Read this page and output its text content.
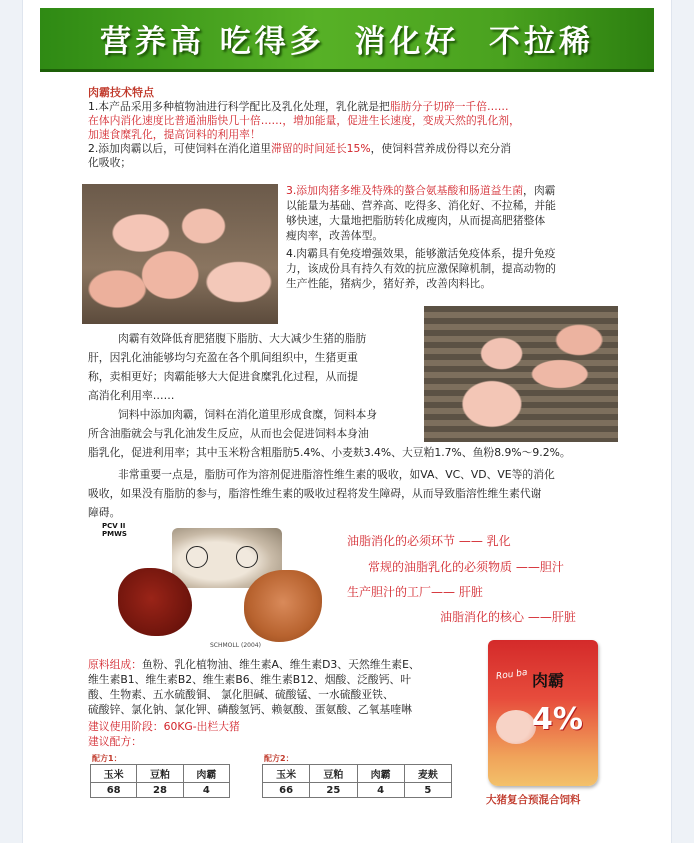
营养高 吃得多  消化好  不拉稀
肉霸技术特点
1.本产品采用多种植物油进行科学配比及乳化处理，乳化就是把脂肪分子切碎一千倍……
在体内消化速度比普通油脂快几十倍……，增加能量，促进生长速度，变成天然的乳化剂，
加速食糜乳化，提高饲料的利用率！
2.添加肉霸以后，可使饲料在消化道里滞留的时间延长15%，使饲料营养成份得以充分消
化吸收；
3.添加肉猪多维及特殊的螯合氨基酸和肠道益生菌，肉霸
以能量为基础、营养高、吃得多、消化好、不拉稀，并能
够快速，大量地把脂肪转化成瘦肉，从而提高肥猪整体
瘦肉率，改善体型。
4.肉霸具有免疫增强效果，能够激活免疫体系，提升免疫
力，该成份具有持久有效的抗应激保障机制，提高动物的
生产性能，猪病少，猪好养，改善肉料比。
肉霸有效降低育肥猪腹下脂肪、大大减少生猪的脂肪
肝，因乳化油能够均匀充盈在各个肌间组织中，生猪更重
称，卖相更好；肉霸能够大大促进食糜乳化过程，从而提
高消化利用率……
饲料中添加肉霸，饲料在消化道里形成食糜，饲料本身
所含油脂就会与乳化油发生反应，从而也会促进饲料本身油
脂乳化，促进利用率；其中玉米粉含粗脂肪5.4%、小麦麸3.4%、大豆粕1.7%、鱼粉8.9%～9.2%。
非常重要一点是，脂肪可作为溶剂促进脂溶性维生素的吸收，如VA、VC、VD、VE等的消化
吸收，如果没有脂肪的参与，脂溶性维生素的吸收过程将发生障碍，从而导致脂溶性维生素代谢
障碍。
PCV II
PMWS
SCHMOLL (2004)
油脂消化的必须环节 —— 乳化
常规的油脂乳化的必须物质 ——胆汁
生产胆汁的工厂—— 肝脏
油脂消化的核心 ——肝脏
原料组成：鱼粉、乳化植物油、维生素A、维生素D3、天然维生素E、
维生素B1、维生素B2、维生素B6、维生素B12、烟酸、泛酸钙、叶
酸、生物素、五水硫酸铜、 氯化胆碱、硫酸锰、一水硫酸亚铁、
硫酸锌、氯化钠、氯化钾、磷酸氢钙、赖氨酸、蛋氨酸、乙氧基喹啉
建议使用阶段：60KG-出栏大猪
建议配方：
配方1：
玉米	豆粕	肉霸
68	28	4
配方2：
玉米	豆粕	肉霸	麦麸
66	25	4	5
Rou ba 肉霸
4%
大猪复合预混合饲料
